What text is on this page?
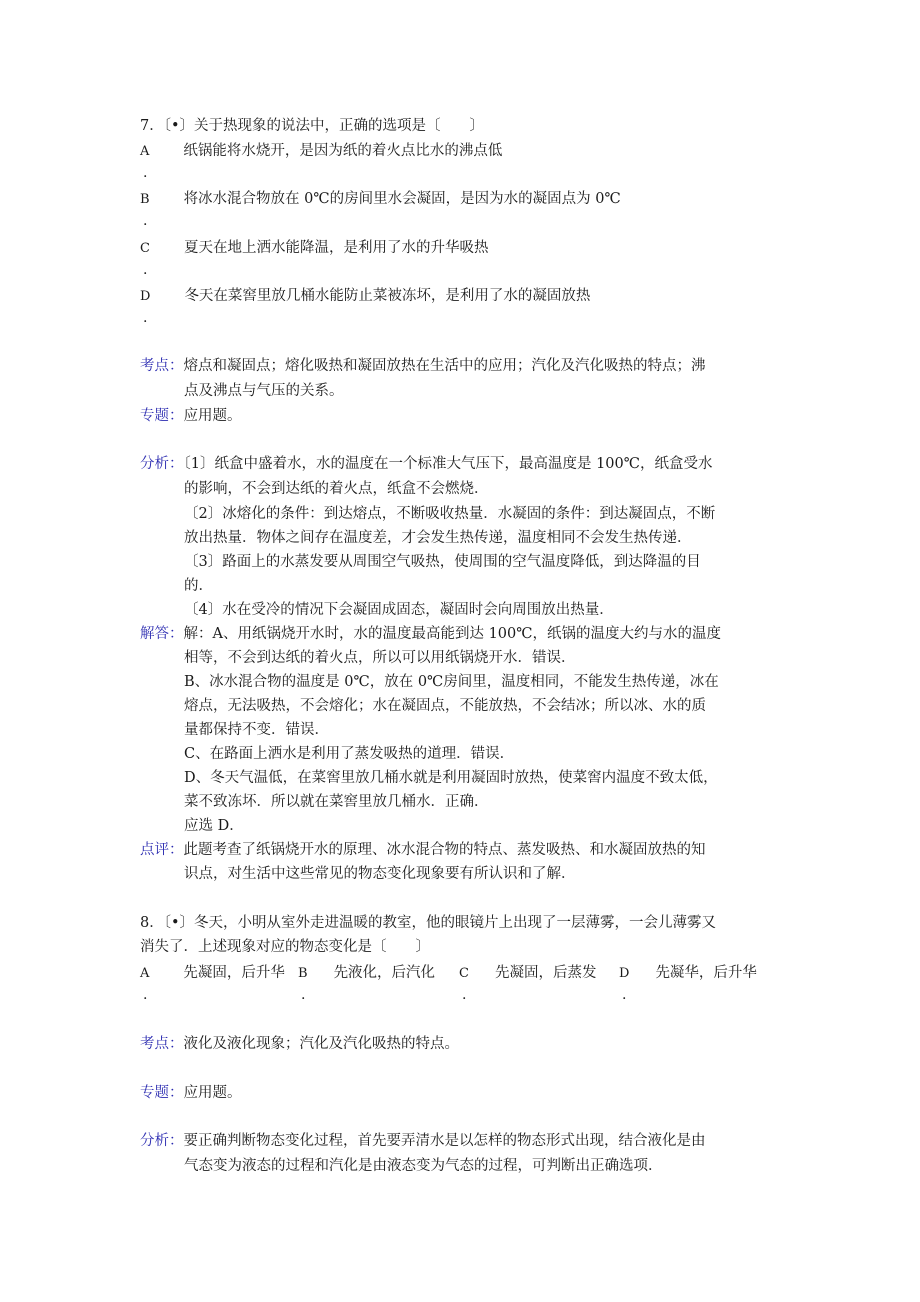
7．〔•〕关于热现象的说法中，正确的选项是〔　　〕
A 纸锅能将水烧开，是因为纸的着火点比水的沸点低
.
B 将冰水混合物放在 0℃的房间里水会凝固，是因为水的凝固点为 0℃
.
C 夏天在地上洒水能降温，是利用了水的升华吸热
.
D 冬天在菜窖里放几桶水能防止菜被冻坏，是利用了水的凝固放热
.
考点：熔点和凝固点；熔化吸热和凝固放热在生活中的应用；汽化及汽化吸热的特点；沸
点及沸点与气压的关系。
专题：应用题。
分析：〔1〕纸盒中盛着水，水的温度在一个标准大气压下，最高温度是 100℃，纸盒受水
的影响，不会到达纸的着火点，纸盒不会燃烧．
〔2〕冰熔化的条件：到达熔点，不断吸收热量．水凝固的条件：到达凝固点，不断
放出热量．物体之间存在温度差，才会发生热传递，温度相同不会发生热传递．
〔3〕路面上的水蒸发要从周围空气吸热，使周围的空气温度降低，到达降温的目
的．
〔4〕水在受冷的情况下会凝固成固态，凝固时会向周围放出热量．
解答：解：A、用纸锅烧开水时，水的温度最高能到达 100℃，纸锅的温度大约与水的温度
相等，不会到达纸的着火点，所以可以用纸锅烧开水．错误．
B、冰水混合物的温度是 0℃，放在 0℃房间里，温度相同，不能发生热传递，冰在
熔点，无法吸热，不会熔化；水在凝固点，不能放热，不会结冰；所以冰、水的质
量都保持不变．错误．
C、在路面上洒水是利用了蒸发吸热的道理．错误．
D、冬天气温低，在菜窖里放几桶水就是利用凝固时放热，使菜窖内温度不致太低，
菜不致冻坏．所以就在菜窖里放几桶水．正确．
应选 D．
点评：此题考查了纸锅烧开水的原理、冰水混合物的特点、蒸发吸热、和水凝固放热的知
识点，对生活中这些常见的物态变化现象要有所认识和了解．
8．〔•〕冬天，小明从室外走进温暖的教室，他的眼镜片上出现了一层薄雾，一会儿薄雾又
消失了．上述现象对应的物态变化是〔　　〕
A 先凝固，后升华
.
B 先液化，后汽化
.
C 先凝固，后蒸发
.
D 先凝华，后升华
.
考点：液化及液化现象；汽化及汽化吸热的特点。
专题：应用题。
分析：要正确判断物态变化过程，首先要弄清水是以怎样的物态形式出现，结合液化是由
气态变为液态的过程和汽化是由液态变为气态的过程，可判断出正确选项．
